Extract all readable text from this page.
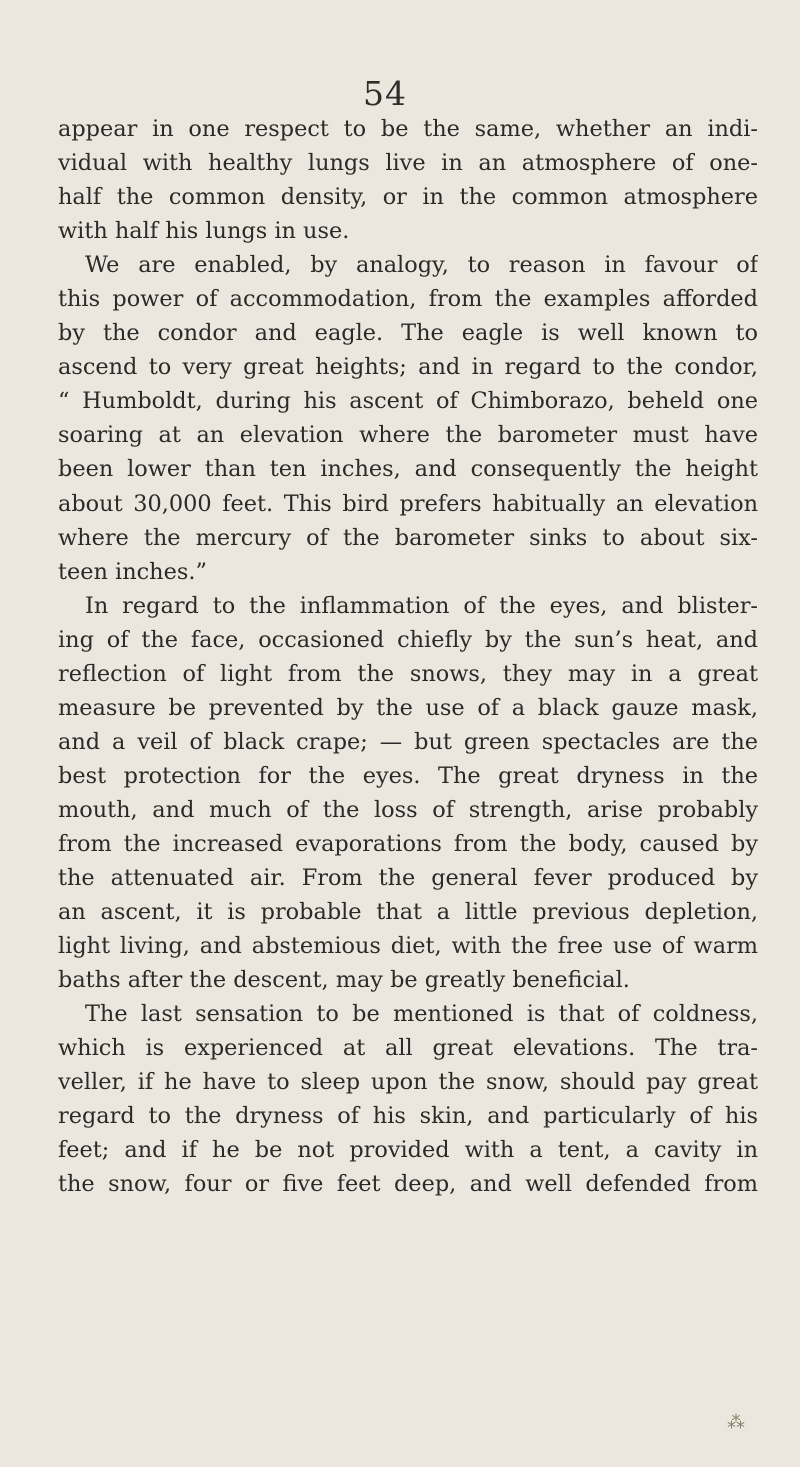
54
appear in one respect to be the same, whether an indi-
vidual with healthy lungs live in an atmosphere of one-
half the common density, or in the common atmosphere
with half his lungs in use.
We are enabled, by analogy, to reason in favour of
this power of accommodation, from the examples afforded
by the condor and eagle. The eagle is well known to
ascend to very great heights; and in regard to the condor,
“ Humboldt, during his ascent of Chimborazo, beheld one
soaring at an elevation where the barometer must have
been lower than ten inches, and consequently the height
about 30,000 feet. This bird prefers habitually an elevation
where the mercury of the barometer sinks to about six-
teen inches.”
In regard to the inflammation of the eyes, and blister-
ing of the face, occasioned chiefly by the sun’s heat, and
reflection of light from the snows, they may in a great
measure be prevented by the use of a black gauze mask,
and a veil of black crape; — but green spectacles are the
best protection for the eyes. The great dryness in the
mouth, and much of the loss of strength, arise probably
from the increased evaporations from the body, caused by
the attenuated air. From the general fever produced by
an ascent, it is probable that a little previous depletion,
light living, and abstemious diet, with the free use of warm
baths after the descent, may be greatly beneficial.
The last sensation to be mentioned is that of coldness,
which is experienced at all great elevations. The tra-
veller, if he have to sleep upon the snow, should pay great
regard to the dryness of his skin, and particularly of his
feet; and if he be not provided with a tent, a cavity in
the snow, four or five feet deep, and well defended from
⁂
